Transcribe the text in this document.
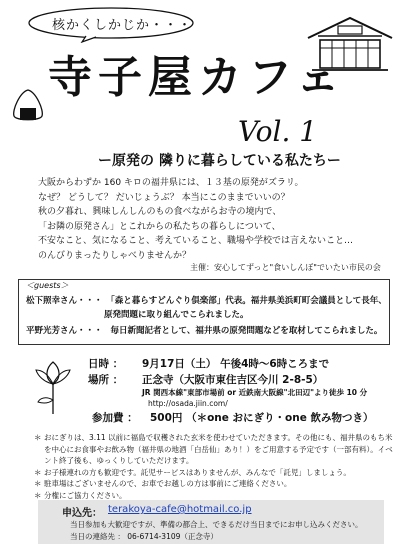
核かくしかじか・・・
寺子屋カフェ
Vol. 1
ー原発の 隣りに暮らしている私たちー
大阪からわずか 160 キロの福井県には、１３基の原発がズラリ。
なぜ？ どうして？ だいじょうぶ？ 本当にこのままでいいの？
秋の夕暮れ、興味しんしんのもの食べながらお寺の境内で、
「お隣の原発さん」とこれからの私たちの暮らしについて、
不安なこと、気になること、考えていること、職場や学校では言えないこと…
のんびりまったりしゃべりませんか？
主催：安心してずっと"食いしんぼ"でいたい市民の会
＜guests＞
松下照幸さん・・・ 「森と暮らすどんぐり倶楽部」代表。福井県美浜町町会議員として長年、
原発問題に取り組んでこられました。
平野光芳さん・・・ 毎日新聞記者として、福井県の原発問題などを取材してこられました。
日時 ： 9月17日（土） 午後4時～6時ころまで
場所 ： 正念寺（大阪市東住吉区今川 2-8-5）
JR 関西本線"東部市場前 or 近鉄南大阪線"北田辺"より徒歩 10 分
http://osada.jiin.com/
参加費 ： 500円 （＊one おにぎり・one 飲み物つき）
＊ おにぎりは、3.11 以前に福島で収穫された玄米を使わせていただきます。その他にも、福井県のもち米を中心にお食事やお飲み物（福井県の地酒「白岳仙」あり！）をご用意する予定です（一部有料）。イベント終了後も、ゆっくりしていただけます。
＊ お子様連れの方も歓迎です。託児サービスはありませんが、みんなで「託児」しましょう。
＊ 駐車場はございませんので、お車でお越しの方は事前にご連絡ください。
＊ 分権にご協力ください。
申込先： terakoya-cafe@hotmail.co.jp
当日参加も大歓迎ですが、準備の都合上、できるだけ当日までにお申し込みください。
当日の連絡先 ： 06-6714-3109（正念寺）
